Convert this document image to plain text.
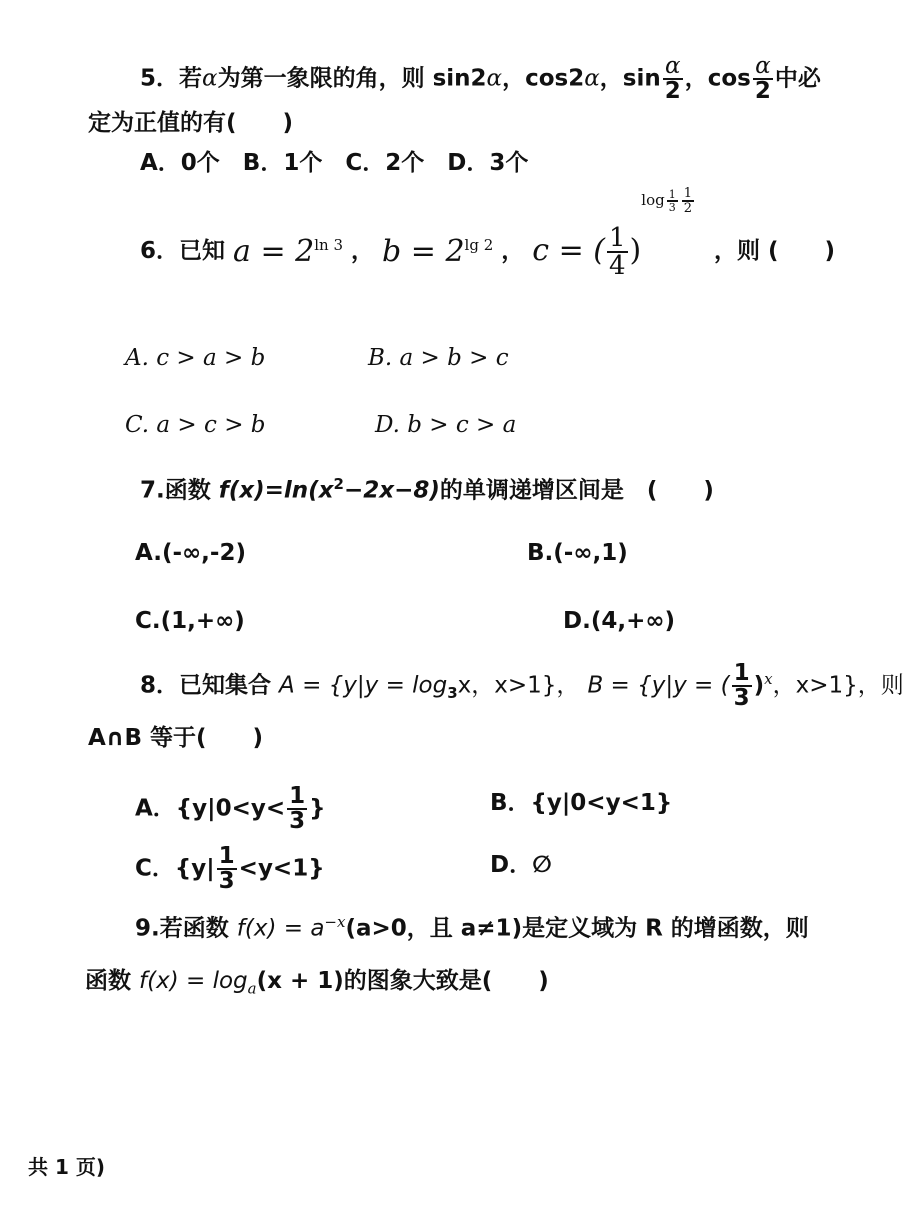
5．若α为第一象限的角，则 sin2α，cos2α，$\sin \frac{\alpha}{2}$ ，$\cos \frac{\alpha}{2}$ 中必
定为正值的有(　　)
A．0个　B．1个　C．2个　D．3个
6．已知 $a = 2^{ln 3}$ ， $b = 2^{lg 2}$ ， c = ( $\frac{1}{4} )\log \frac{1}{3} \frac{1}{2}$
，则 (　　)
A. c > a > b	B. a > b > c
C. a > c > b	D. b > c > a
7.函数 $f(x)=\ln(x^2-2x-8)$的单调递增区间是　(　　)
A.(-∞,-2)	B.(-∞,1)
C.(1,+∞)	D.(4,+∞)
8．已知集合 $A = \{y|y = \log_3x$，x>1}， B = {y|y = ( $\frac{1}{3} )^x$，x>1}，则
A∩B 等于(　　)
A．{$y|0<y< \frac{1}{3}$ }	B．{y|0<y<1}
C．$\{y| \frac{1}{3} <y<1\}$	D．∅
9.若函数 $f(x) = a^{-x}(a>0$，且 a≠1)是定义域为 R 的增函数，则
函数 $f(x) = \log_a(x + 1)$的图象大致是(　　)
共 1 页)
